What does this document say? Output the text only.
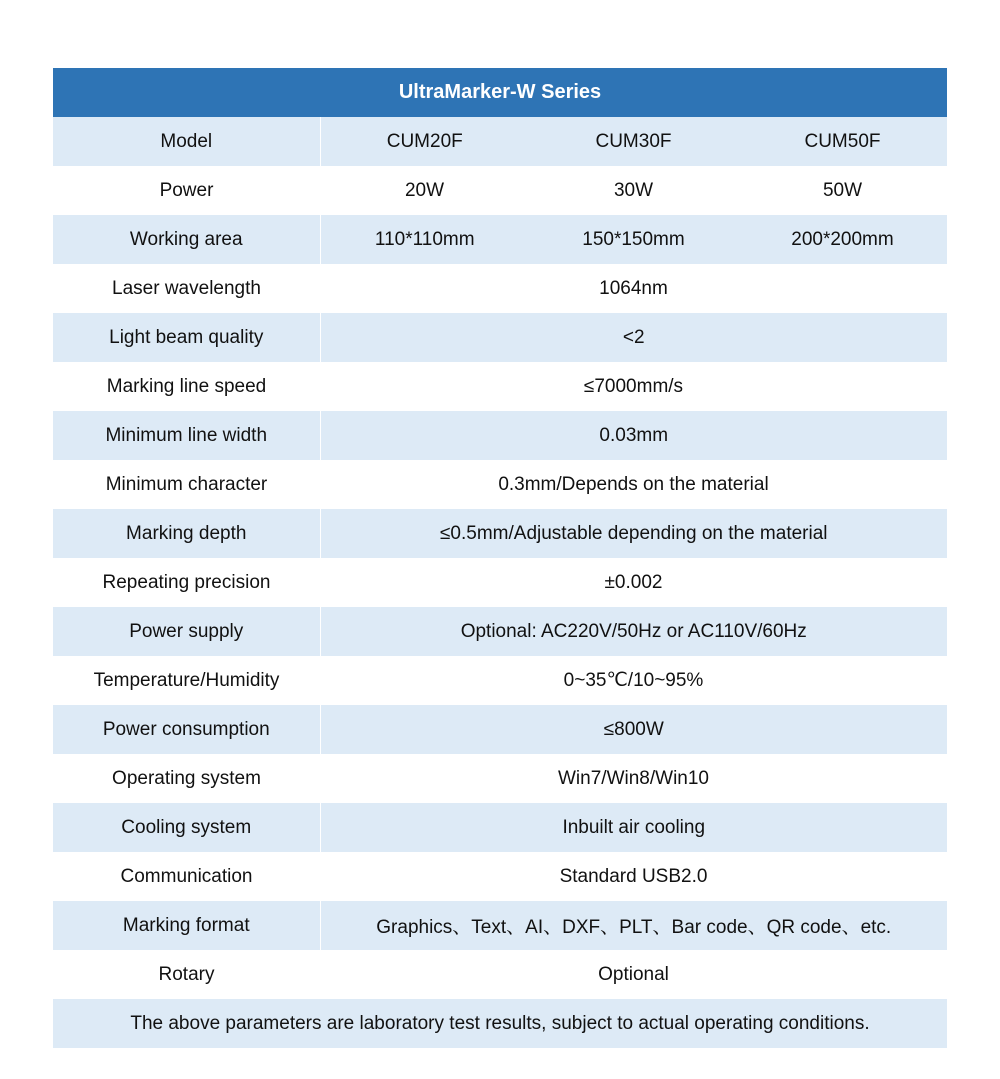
UltraMarker-W Series			
Model	CUM20F	CUM30F	CUM50F
Power	20W	30W	50W
Working area	110*110mm	150*150mm	200*200mm
Laser wavelength	1064nm		
Light beam quality	<2		
Marking line speed	≤7000mm/s		
Minimum line width	0.03mm		
Minimum character	0.3mm/Depends on the material		
Marking depth	≤0.5mm/Adjustable depending on the material		
Repeating precision	±0.002		
Power supply	Optional: AC220V/50Hz or AC110V/60Hz		
Temperature/Humidity	0~35℃/10~95%		
Power consumption	≤800W		
Operating system	Win7/Win8/Win10		
Cooling system	Inbuilt air cooling		
Communication	Standard USB2.0		
Marking format	Graphics、Text、AI、DXF、PLT、Bar code、QR code、etc.		
Rotary	Optional		
The above parameters are laboratory test results, subject to actual operating conditions.			
